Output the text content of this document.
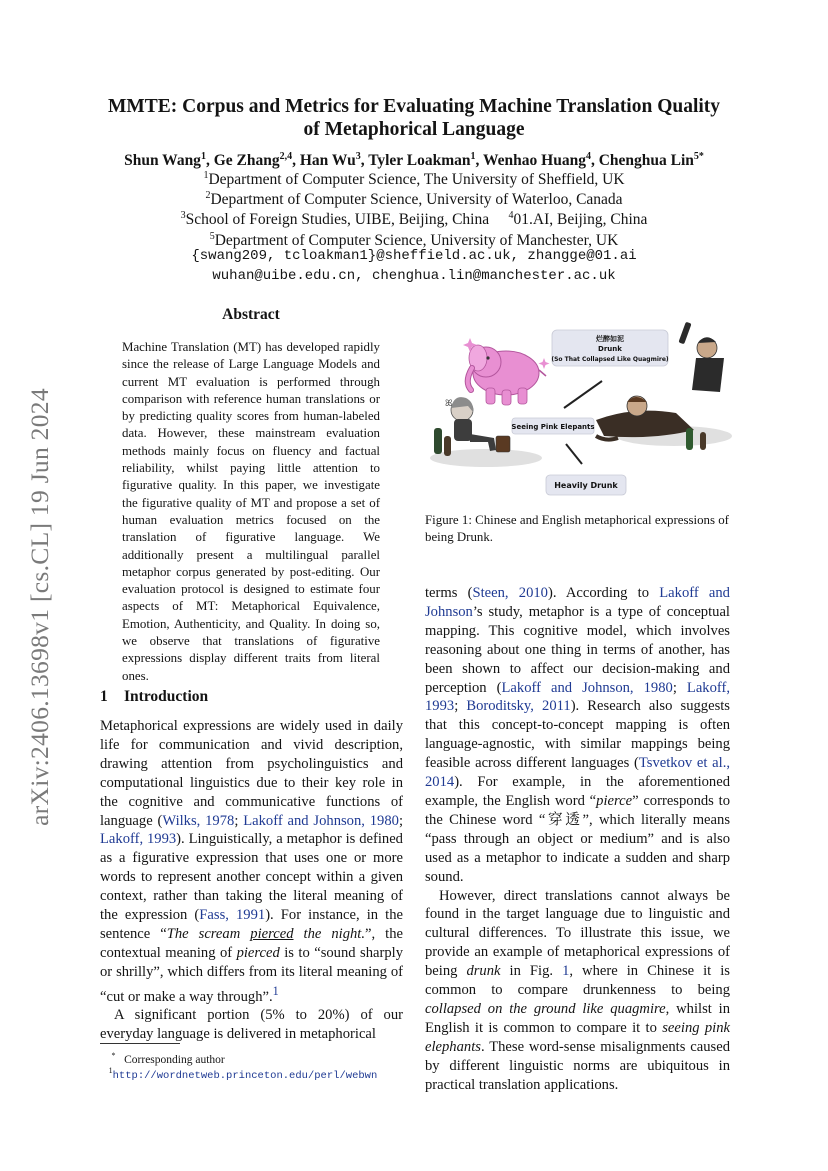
arXiv:2406.13698v1 [cs.CL] 19 Jun 2024
MMTE: Corpus and Metrics for Evaluating Machine Translation Quality
of Metaphorical Language
Shun Wang$^1$, Ge Zhang$^{2,4}$, Han Wu$^3$, Tyler Loakman$^1$, Wenhao Huang$^4$, Chenghua Lin$^{5*}$
$^1$Department of Computer Science, The University of Sheffield, UK
$^2$Department of Computer Science, University of Waterloo, Canada
$^3$School of Foreign Studies, UIBE, Beijing, China $^4$01.AI, Beijing, China
$^5$Department of Computer Science, University of Manchester, UK
{swang209, tcloakman1}@sheffield.ac.uk, zhangge@01.ai
wuhan@uibe.edu.cn, chenghua.lin@manchester.ac.uk
Abstract

Machine Translation (MT) has developed rapidly since the release of Large Language Models and current MT evaluation is performed through comparison with reference human translations or by predicting quality scores from human-labeled data. However, these mainstream evaluation methods mainly focus on fluency and factual reliability, whilst paying little attention to figurative quality. In this paper, we investigate the figurative quality of MT and propose a set of human evaluation metrics focused on the translation of figurative language. We additionally present a multilingual parallel metaphor corpus generated by post-editing. Our evaluation protocol is designed to estimate four aspects of MT: Metaphorical Equivalence, Emotion, Authenticity, and Quality. In doing so, we observe that translations of figurative expressions display different traits from literal ones.

1 Introduction

Metaphorical expressions are widely used in daily life for communication and vivid description, drawing attention from psycholinguistics and computational linguistics due to their key role in the cognitive and communicative functions of language (Wilks, 1978; Lakoff and Johnson, 1980; Lakoff, 1993). Linguistically, a metaphor is defined as a figurative expression that uses one or more words to represent another concept within a given context, rather than taking the literal meaning of the expression (Fass, 1991). For instance, in the sentence “The scream pierced the night.”, the contextual meaning of pierced is to “sound sharply or shrilly”, which differs from its literal meaning of “cut or make a way through”.$^1$

A significant portion (5% to 20%) of our everyday language is delivered in metaphorical

* Corresponding author
$^1$http://wordnetweb.princeton.edu/perl/webwn
ꕤ
烂醉如泥
Drunk
(So That Collapsed Like Quagmire)
Seeing Pink Elepants
Heavily Drunk
Figure 1: Chinese and English metaphorical expressions of being Drunk.

terms (Steen, 2010). According to Lakoff and Johnson’s study, metaphor is a type of conceptual mapping. This cognitive model, which involves reasoning about one thing in terms of another, has been shown to affect our decision-making and perception (Lakoff and Johnson, 1980; Lakoff, 1993; Boroditsky, 2011). Research also suggests that this concept-to-concept mapping is often language-agnostic, with similar mappings being feasible across different languages (Tsvetkov et al., 2014). For example, in the aforementioned example, the English word “pierce” corresponds to the Chinese word “穿透”, which literally means “pass through an object or medium” and is also used as a metaphor to indicate a sudden and sharp sound.

However, direct translations cannot always be found in the target language due to linguistic and cultural differences. To illustrate this issue, we provide an example of metaphorical expressions of being drunk in Fig. 1, where in Chinese it is common to compare drunkenness to being collapsed on the ground like quagmire, whilst in English it is common to compare it to seeing pink elephants. These word-sense misalignments caused by different linguistic norms are ubiquitous in practical translation applications.
